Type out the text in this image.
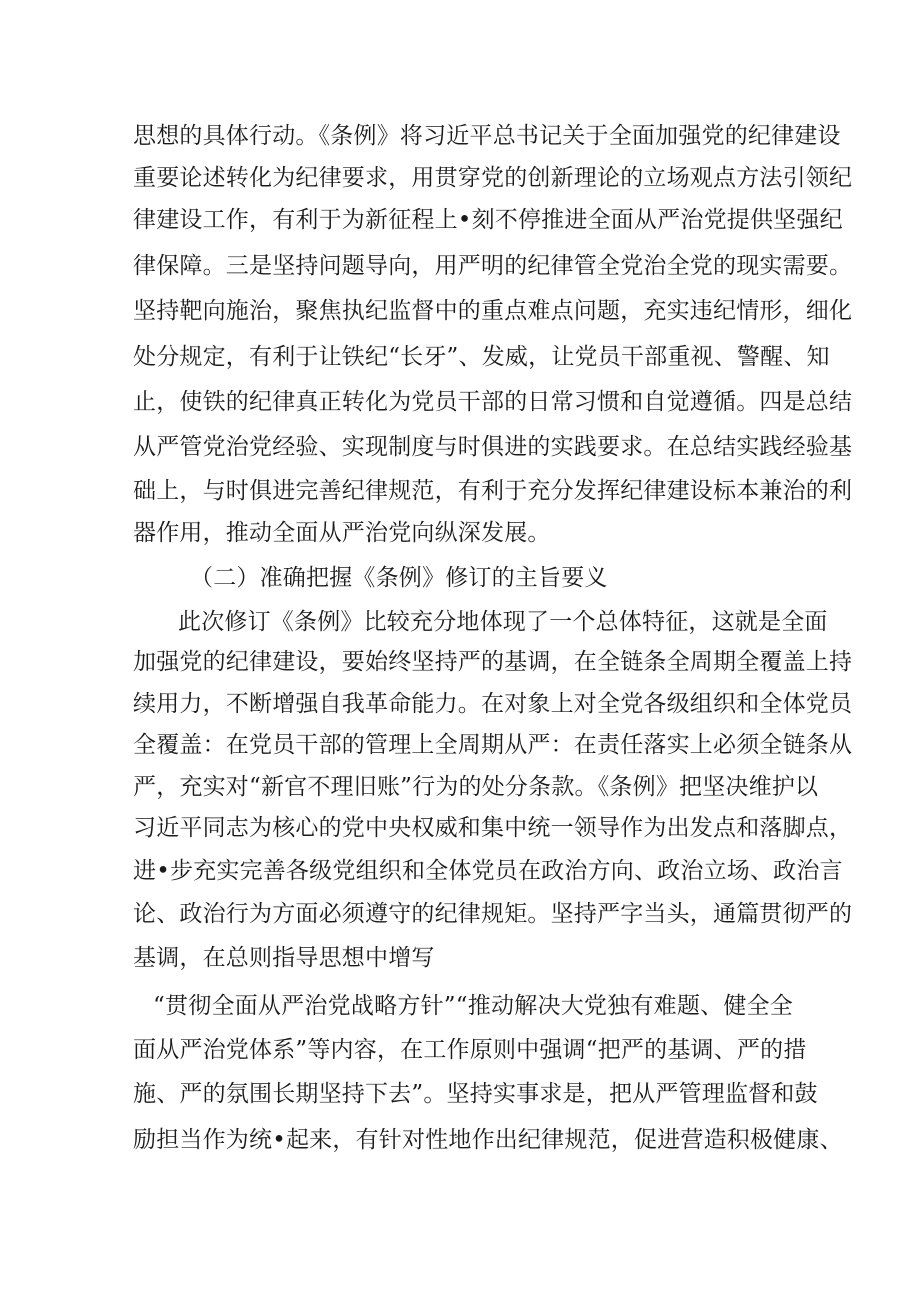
思想的具体行动。《条例》将习近平总书记关于全面加强党的纪律建设
重要论述转化为纪律要求，用贯穿党的创新理论的立场观点方法引领纪
律建设工作，有利于为新征程上•刻不停推进全面从严治党提供坚强纪
律保障。三是坚持问题导向，用严明的纪律管全党治全党的现实需要。
坚持靶向施治，聚焦执纪监督中的重点难点问题，充实违纪情形，细化
处分规定，有利于让铁纪“长牙”、发威，让党员干部重视、警醒、知
止，使铁的纪律真正转化为党员干部的日常习惯和自觉遵循。四是总结
从严管党治党经验、实现制度与时俱进的实践要求。在总结实践经验基
础上，与时俱进完善纪律规范，有利于充分发挥纪律建设标本兼治的利
器作用，推动全面从严治党向纵深发展。
（二）准确把握《条例》修订的主旨要义
此次修订《条例》比较充分地体现了一个总体特征，这就是全面
加强党的纪律建设，要始终坚持严的基调，在全链条全周期全覆盖上持
续用力，不断增强自我革命能力。在对象上对全党各级组织和全体党员
全覆盖：在党员干部的管理上全周期从严：在责任落实上必须全链条从
严，充实对“新官不理旧账”行为的处分条款。《条例》把坚决维护以
习近平同志为核心的党中央权威和集中统一领导作为出发点和落脚点，
进•步充实完善各级党组织和全体党员在政治方向、政治立场、政治言
论、政治行为方面必须遵守的纪律规矩。坚持严字当头，通篇贯彻严的
基调，在总则指导思想中增写
“贯彻全面从严治党战略方针”“推动解决大党独有难题、健全全
面从严治党体系”等内容，在工作原则中强调“把严的基调、严的措
施、严的氛围长期坚持下去”。坚持实事求是，把从严管理监督和鼓
励担当作为统•起来，有针对性地作出纪律规范，促进营造积极健康、
